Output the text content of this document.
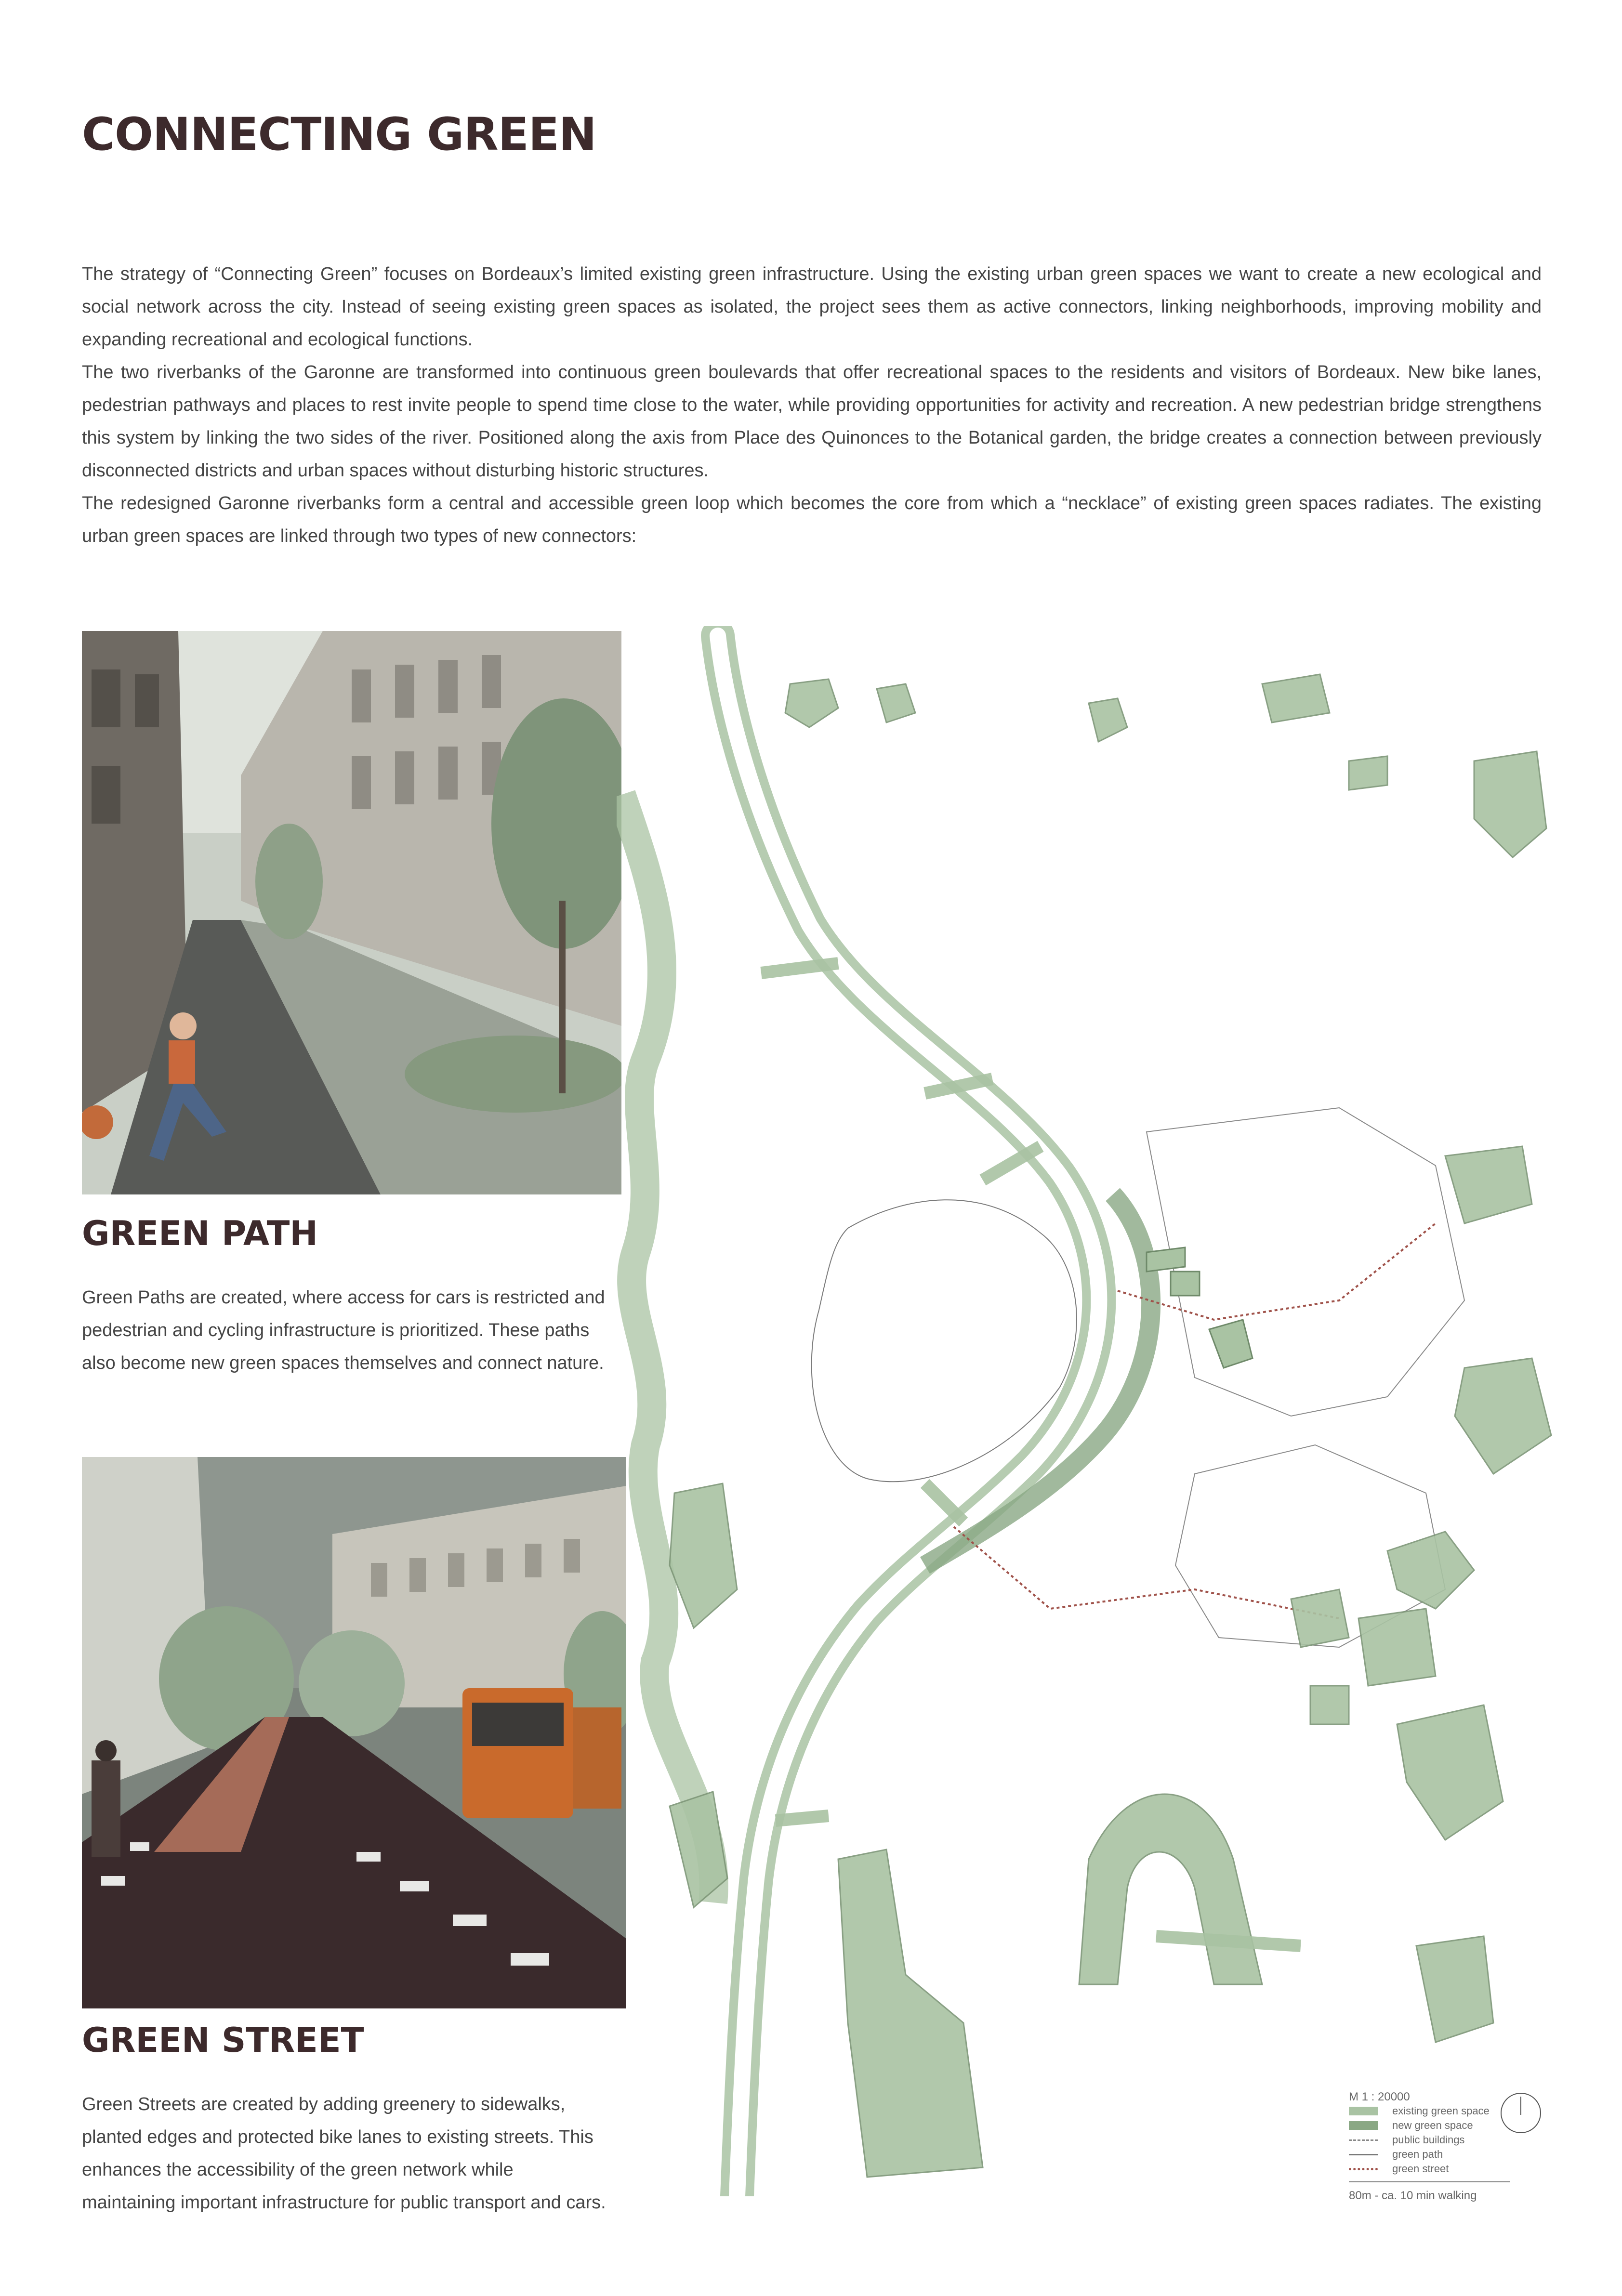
CONNECTING GREEN

The strategy of “Connecting Green” focuses on Bordeaux’s limited existing green infrastructure. Using the existing urban green spaces we want to create a new ecological and social network across the city. Instead of seeing existing green spaces as isolated, the project sees them as active connectors, linking neighborhoods, improving mobility and expanding recreational and ecological functions.

The two riverbanks of the Garonne are transformed into continuous green boulevards that offer recreational spaces to the residents and visitors of Bordeaux. New bike lanes, pedestrian pathways and places to rest invite people to spend time close to the water, while providing opportunities for activity and recreation. A new pedestrian bridge strengthens this system by linking the two sides of the river. Positioned along the axis from Place des Quinonces to the Botanical garden, the bridge creates a connection between previously disconnected districts and urban spaces without disturbing historic structures.

The redesigned Garonne riverbanks form a central and accessible green loop which becomes the core from which a “necklace” of existing green spaces radiates. The existing urban green spaces are linked through two types of new connectors:

GREEN PATH
Green Paths are created, where access for cars is restricted and pedestrian and cycling infrastructure is prioritized. These paths also become new green spaces themselves and connect nature.
GREEN STREET
Green Streets are created by adding greenery to sidewalks, planted edges and protected bike lanes to existing streets. This enhances the accessibility of the green network while maintaining important infrastructure for public transport and cars.
M 1 : 20000
existing green space
new green space
public buildings
green path
green street
80m - ca. 10 min walking
